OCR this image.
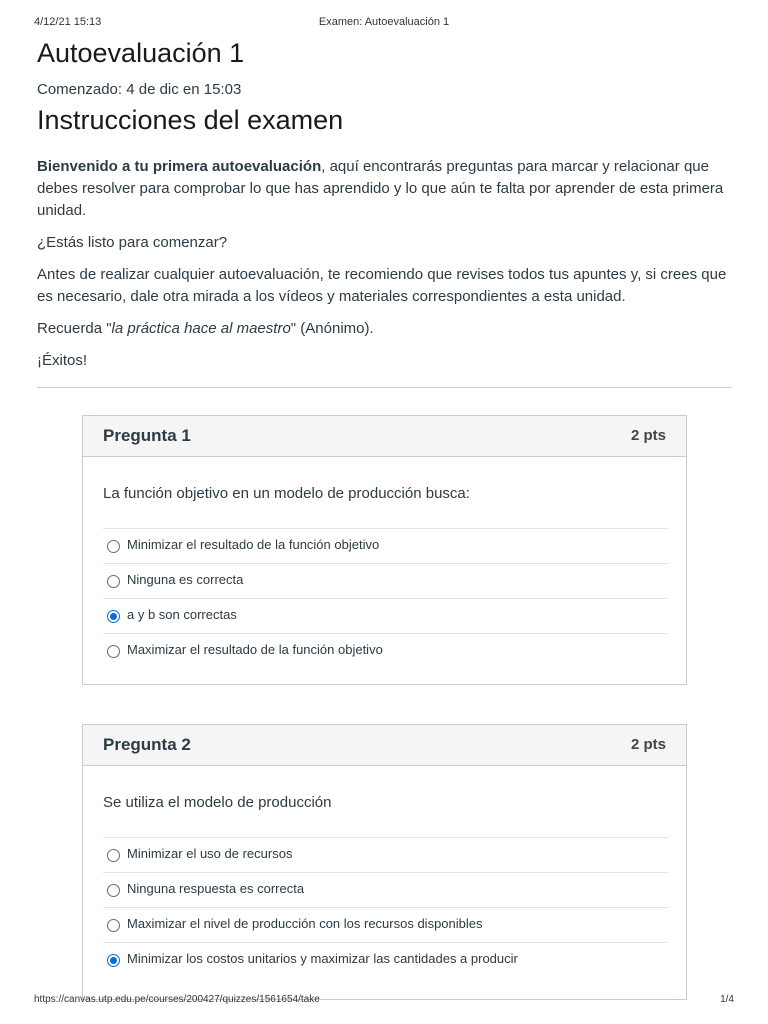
4/12/21 15:13	Examen: Autoevaluación 1
Autoevaluación 1
Comenzado: 4 de dic en 15:03
Instrucciones del examen

Bienvenido a tu primera autoevaluación, aquí encontrarás preguntas para marcar y relacionar que debes resolver para comprobar lo que has aprendido y lo que aún te falta por aprender de esta primera unidad.

¿Estás listo para comenzar?

Antes de realizar cualquier autoevaluación, te recomiendo que revises todos tus apuntes y, si crees que es necesario, dale otra mirada a los vídeos y materiales correspondientes a esta unidad.

Recuerda "la práctica hace al maestro" (Anónimo).

¡Éxitos!

Pregunta 1	2 pts
La función objetivo en un modelo de producción busca:
Minimizar el resultado de la función objetivo
Ninguna es correcta
a y b son correctas
Maximizar el resultado de la función objetivo
Pregunta 2	2 pts
Se utiliza el modelo de producción
Minimizar el uso de recursos
Ninguna respuesta es correcta
Maximizar el nivel de producción con los recursos disponibles
Minimizar los costos unitarios y maximizar las cantidades a producir
https://canvas.utp.edu.pe/courses/200427/quizzes/1561654/take	1/4
